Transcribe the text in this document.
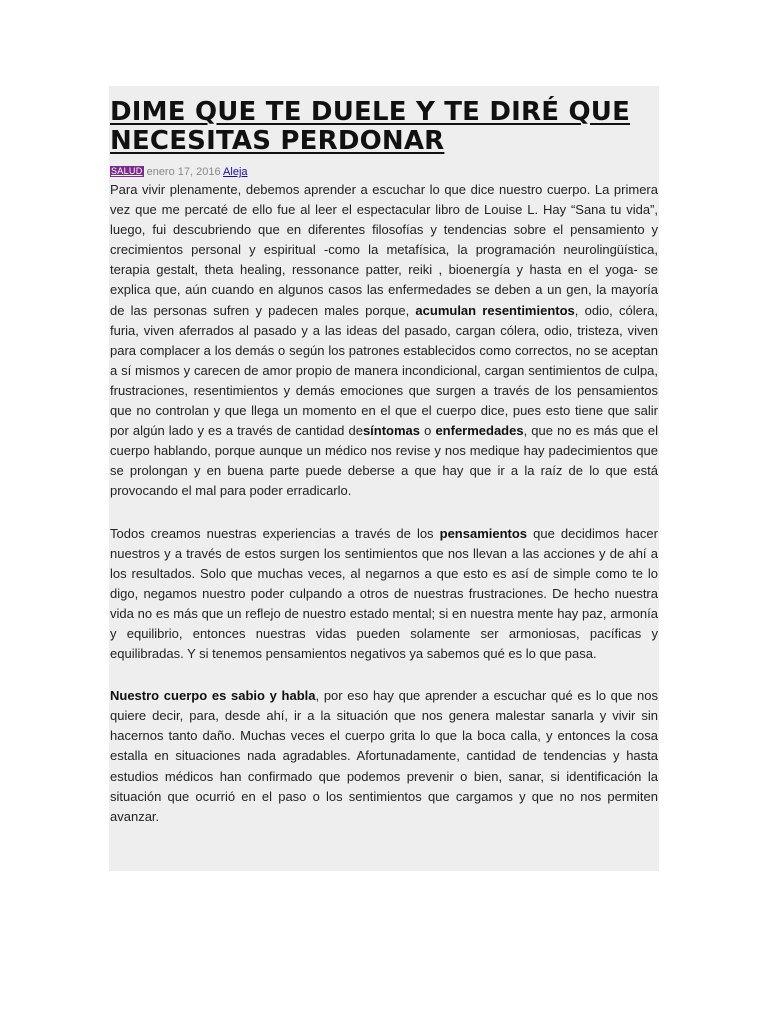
DIME QUE TE DUELE Y TE DIRÉ QUE
NECESITAS PERDONAR
SALUD enero 17, 2016 Aleja

Para vivir plenamente, debemos aprender a escuchar lo que dice nuestro cuerpo. La primera vez que me percaté de ello fue al leer el espectacular libro de Louise L. Hay “Sana tu vida”, luego, fui descubriendo que en diferentes filosofías y tendencias sobre el pensamiento y crecimientos personal y espiritual -como la metafísica, la programación neurolingüística, terapia gestalt, theta healing, ressonance patter, reiki , bioenergía y hasta en el yoga- se explica que, aún cuando en algunos casos las enfermedades se deben a un gen, la mayoría de las personas sufren y padecen males porque, acumulan resentimientos, odio, cólera, furia, viven aferrados al pasado y a las ideas del pasado, cargan cólera, odio, tristeza, viven para complacer a los demás o según los patrones establecidos como correctos, no se aceptan a sí mismos y carecen de amor propio de manera incondicional, cargan sentimientos de culpa, frustraciones, resentimientos y demás emociones que surgen a través de los pensamientos que no controlan y que llega un momento en el que el cuerpo dice, pues esto tiene que salir por algún lado y es a través de cantidad desíntomas o enfermedades, que no es más que el cuerpo hablando, porque aunque un médico nos revise y nos medique hay padecimientos que se prolongan y en buena parte puede deberse a que hay que ir a la raíz de lo que está provocando el mal para poder erradicarlo.

Todos creamos nuestras experiencias a través de los pensamientos que decidimos hacer nuestros y a través de estos surgen los sentimientos que nos llevan a las acciones y de ahí a los resultados. Solo que muchas veces, al negarnos a que esto es así de simple como te lo digo, negamos nuestro poder culpando a otros de nuestras frustraciones. De hecho nuestra vida no es más que un reflejo de nuestro estado mental; si en nuestra mente hay paz, armonía y equilibrio, entonces nuestras vidas pueden solamente ser armoniosas, pacíficas y equilibradas. Y si tenemos pensamientos negativos ya sabemos qué es lo que pasa.

Nuestro cuerpo es sabio y habla, por eso hay que aprender a escuchar qué es lo que nos quiere decir, para, desde ahí, ir a la situación que nos genera malestar sanarla y vivir sin hacernos tanto daño. Muchas veces el cuerpo grita lo que la boca calla, y entonces la cosa estalla en situaciones nada agradables. Afortunadamente, cantidad de tendencias y hasta estudios médicos han confirmado que podemos prevenir o bien, sanar, si identificación la situación que ocurrió en el paso o los sentimientos que cargamos y que no nos permiten avanzar.
